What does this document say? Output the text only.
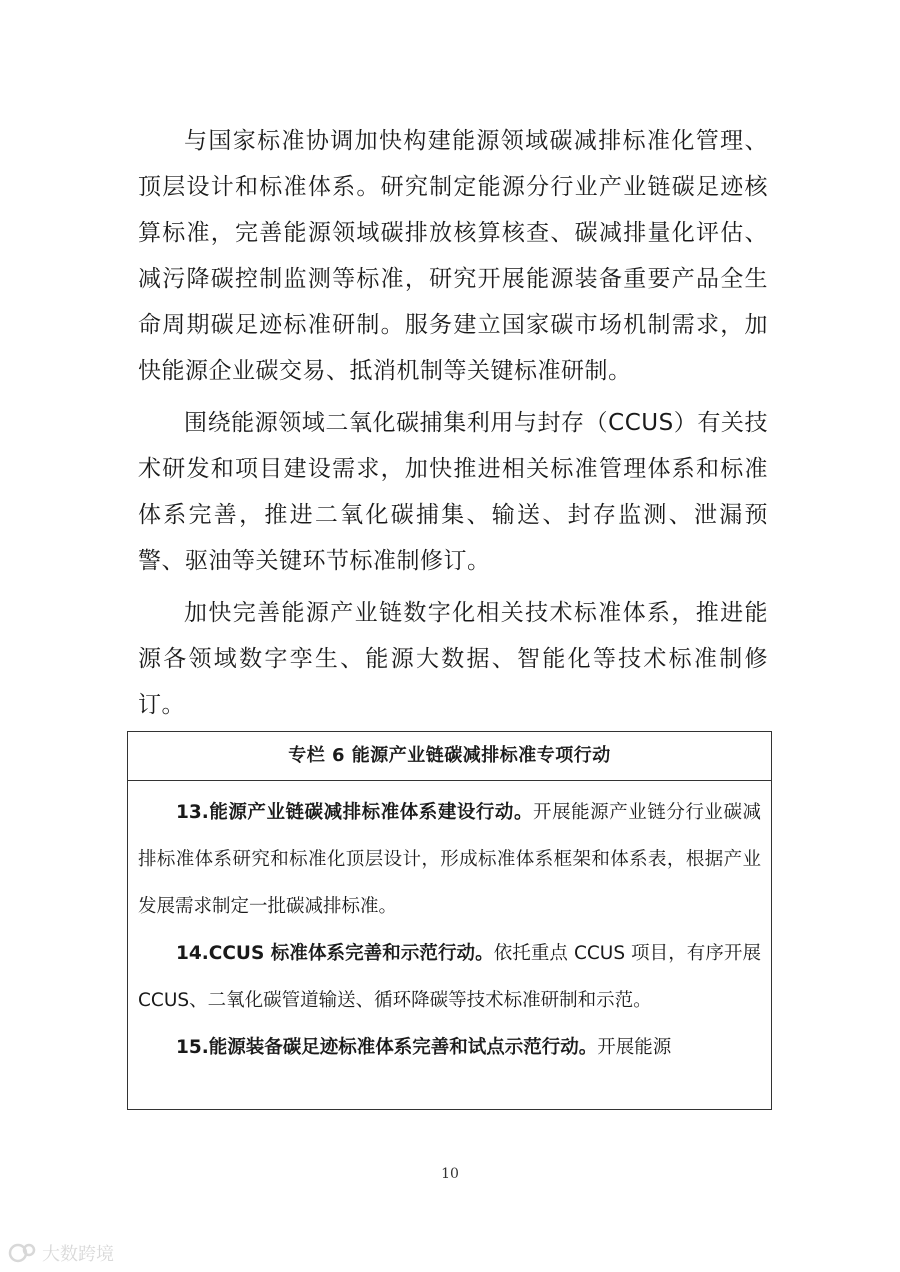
与国家标准协调加快构建能源领域碳减排标准化管理、顶层设计和标准体系。研究制定能源分行业产业链碳足迹核算标准，完善能源领域碳排放核算核查、碳减排量化评估、减污降碳控制监测等标准，研究开展能源装备重要产品全生命周期碳足迹标准研制。服务建立国家碳市场机制需求，加快能源企业碳交易、抵消机制等关键标准研制。

围绕能源领域二氧化碳捕集利用与封存（CCUS）有关技术研发和项目建设需求，加快推进相关标准管理体系和标准体系完善，推进二氧化碳捕集、输送、封存监测、泄漏预警、驱油等关键环节标准制修订。

加快完善能源产业链数字化相关技术标准体系，推进能源各领域数字孪生、能源大数据、智能化等技术标准制修订。

专栏 6 能源产业链碳减排标准专项行动

13.能源产业链碳减排标准体系建设行动。开展能源产业链分行业碳减排标准体系研究和标准化顶层设计，形成标准体系框架和体系表，根据产业发展需求制定一批碳减排标准。

14.CCUS 标准体系完善和示范行动。依托重点 CCUS 项目，有序开展 CCUS、二氧化碳管道输送、循环降碳等技术标准研制和示范。

15.能源装备碳足迹标准体系完善和试点示范行动。开展能源

10
大数跨境
